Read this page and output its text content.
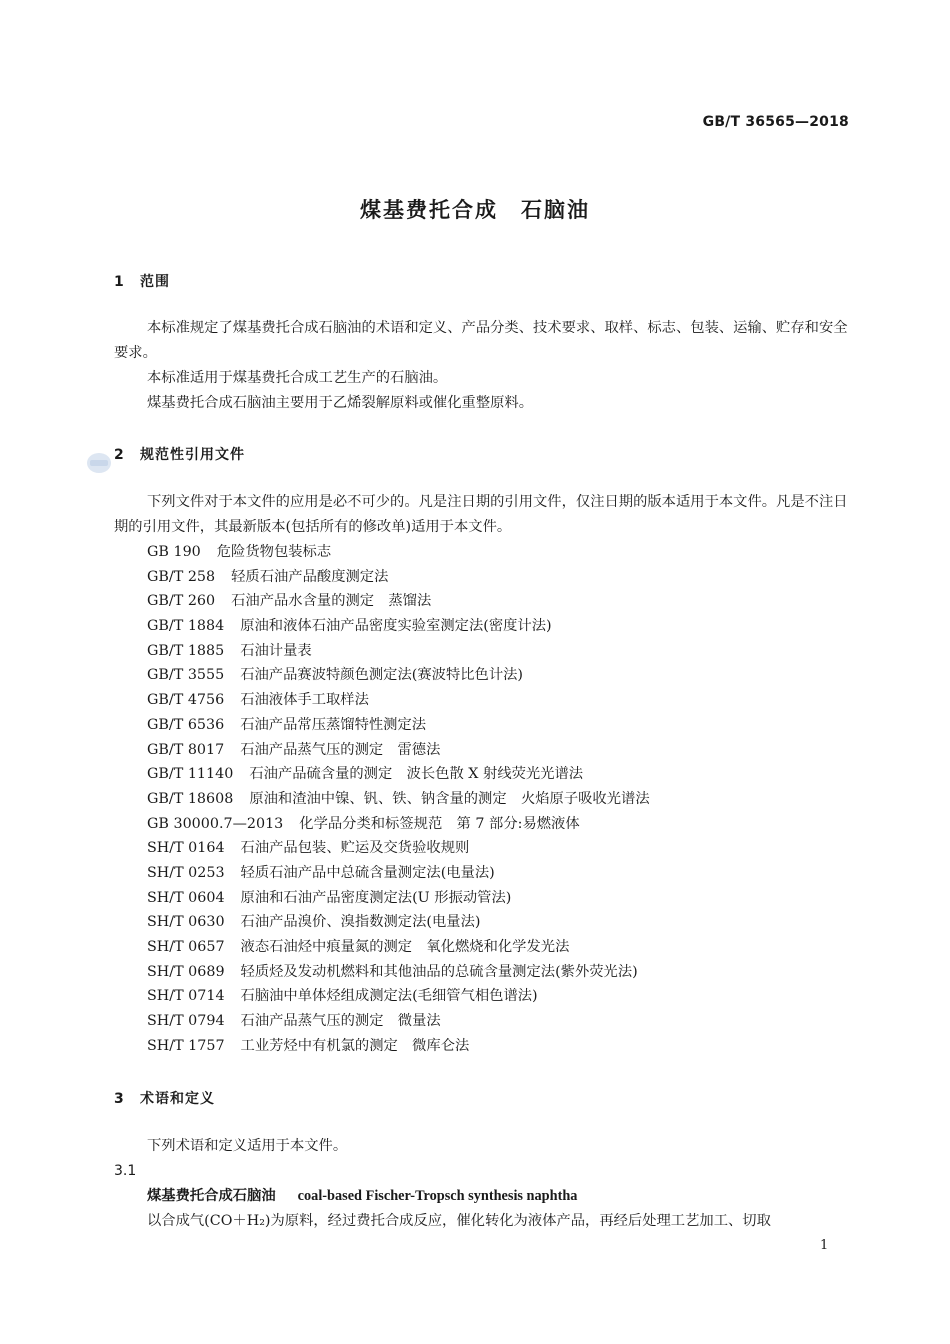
GB/T 36565—2018
煤基费托合成　石脑油
1 范围
本标准规定了煤基费托合成石脑油的术语和定义、产品分类、技术要求、取样、标志、包装、运输、贮存和安全要求。
本标准适用于煤基费托合成工艺生产的石脑油。
煤基费托合成石脑油主要用于乙烯裂解原料或催化重整原料。
2 规范性引用文件
下列文件对于本文件的应用是必不可少的。凡是注日期的引用文件，仅注日期的版本适用于本文件。凡是不注日期的引用文件，其最新版本(包括所有的修改单)适用于本文件。
GB 190 危险货物包装标志
GB/T 258 轻质石油产品酸度测定法
GB/T 260 石油产品水含量的测定　蒸馏法
GB/T 1884 原油和液体石油产品密度实验室测定法(密度计法)
GB/T 1885 石油计量表
GB/T 3555 石油产品赛波特颜色测定法(赛波特比色计法)
GB/T 4756 石油液体手工取样法
GB/T 6536 石油产品常压蒸馏特性测定法
GB/T 8017 石油产品蒸气压的测定　雷德法
GB/T 11140 石油产品硫含量的测定　波长色散 X 射线荧光光谱法
GB/T 18608 原油和渣油中镍、钒、铁、钠含量的测定　火焰原子吸收光谱法
GB 30000.7—2013 化学品分类和标签规范　第 7 部分:易燃液体
SH/T 0164 石油产品包装、贮运及交货验收规则
SH/T 0253 轻质石油产品中总硫含量测定法(电量法)
SH/T 0604 原油和石油产品密度测定法(U 形振动管法)
SH/T 0630 石油产品溴价、溴指数测定法(电量法)
SH/T 0657 液态石油烃中痕量氮的测定　氧化燃烧和化学发光法
SH/T 0689 轻质烃及发动机燃料和其他油品的总硫含量测定法(紫外荧光法)
SH/T 0714 石脑油中单体烃组成测定法(毛细管气相色谱法)
SH/T 0794 石油产品蒸气压的测定　微量法
SH/T 1757 工业芳烃中有机氯的测定　微库仑法
3 术语和定义
下列术语和定义适用于本文件。
3.1
煤基费托合成石脑油 coal-based Fischer-Tropsch synthesis naphtha
以合成气(CO＋H₂)为原料，经过费托合成反应，催化转化为液体产品，再经后处理工艺加工、切取
1
